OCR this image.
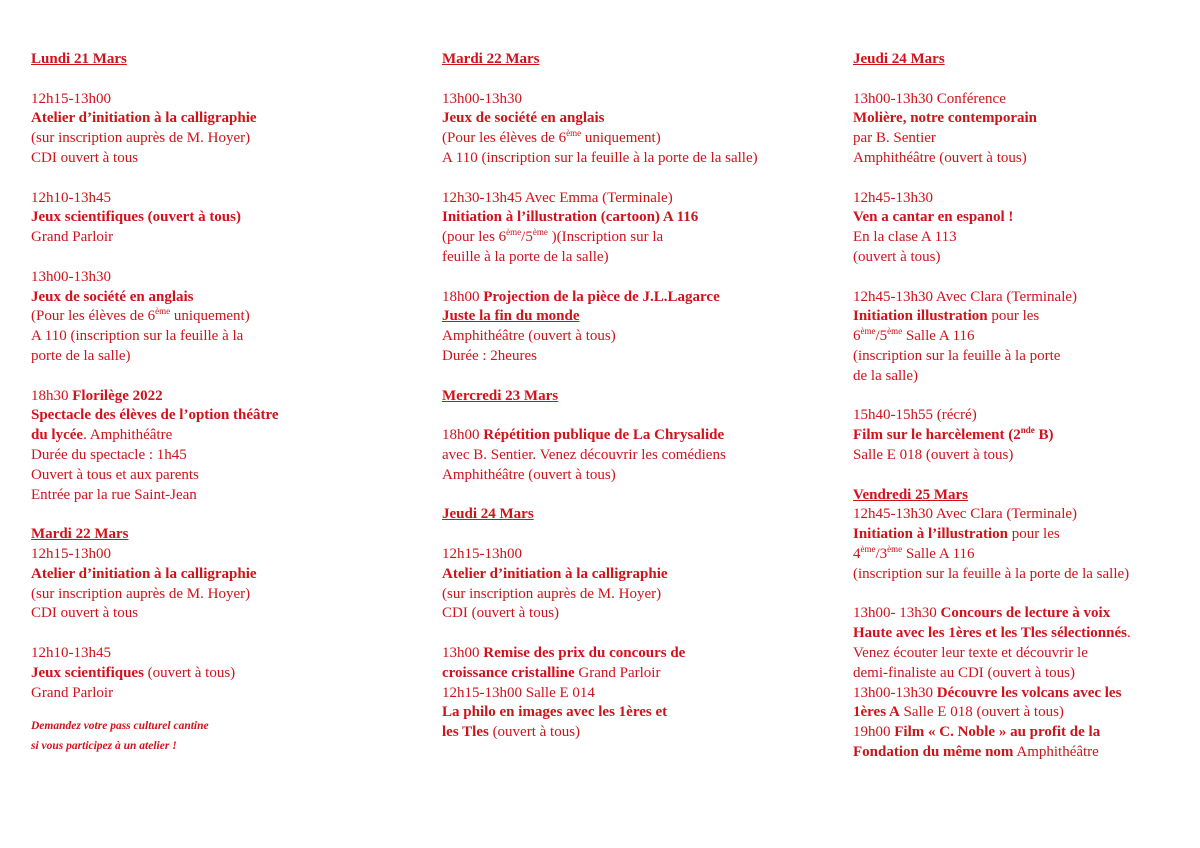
Lundi 21 Mars
12h15-13h00
Atelier d’initiation à la calligraphie
(sur inscription auprès de M. Hoyer)
CDI ouvert à tous
12h10-13h45
Jeux scientifiques (ouvert à tous)
Grand Parloir
13h00-13h30
Jeux de société en anglais
(Pour les élèves de 6ème uniquement)
A 110 (inscription sur la feuille à la
porte de la salle)
18h30 Florilège 2022
Spectacle des élèves de l’option théâtre
du lycée. Amphithéâtre
Durée du spectacle : 1h45
Ouvert à tous et aux parents
Entrée par la rue Saint-Jean
Mardi 22 Mars
12h15-13h00
Atelier d’initiation à la calligraphie
(sur inscription auprès de M. Hoyer)
CDI ouvert à tous
12h10-13h45
Jeux scientifiques (ouvert à tous)
Grand Parloir
Demandez votre pass culturel cantine
si vous participez à un atelier !
Mardi 22 Mars
13h00-13h30
Jeux de société en anglais
(Pour les élèves de 6ème uniquement)
A 110 (inscription sur la feuille à la porte de la salle)
12h30-13h45 Avec Emma (Terminale)
Initiation à l’illustration (cartoon) A 116
(pour les 6ème/5ème )(Inscription sur la
feuille à la porte de la salle)
18h00 Projection de la pièce de J.L.Lagarce
Juste la fin du monde
Amphithéâtre (ouvert à tous)
Durée : 2heures
Mercredi 23 Mars
18h00 Répétition publique de La Chrysalide
avec B. Sentier. Venez découvrir les comédiens
Amphithéâtre (ouvert à tous)
Jeudi 24 Mars
12h15-13h00
Atelier d’initiation à la calligraphie
(sur inscription auprès de M. Hoyer)
CDI (ouvert à tous)
13h00 Remise des prix du concours de
croissance cristalline Grand Parloir
12h15-13h00 Salle E 014
La philo en images avec les 1ères et
les Tles (ouvert à tous)
Jeudi 24 Mars
13h00-13h30 Conférence
Molière, notre contemporain
par B. Sentier
Amphithéâtre (ouvert à tous)
12h45-13h30
Ven a cantar en espanol !
En la clase A 113
(ouvert à tous)
12h45-13h30 Avec Clara (Terminale)
Initiation illustration pour les
6ème/5ème Salle A 116
(inscription sur la feuille à la porte
de la salle)
15h40-15h55 (récré)
Film sur le harcèlement (2nde B)
Salle E 018 (ouvert à tous)
Vendredi 25 Mars
12h45-13h30 Avec Clara (Terminale)
Initiation à l’illustration pour les
4ème/3ème Salle A 116
(inscription sur la feuille à la porte de la salle)
13h00- 13h30 Concours de lecture à voix
Haute avec les 1ères et les Tles sélectionnés.
Venez écouter leur texte et découvrir le
demi-finaliste au CDI (ouvert à tous)
13h00-13h30 Découvre les volcans avec les
1ères A Salle E 018 (ouvert à tous)
19h00 Film « C. Noble » au profit de la
Fondation du même nom Amphithéâtre
